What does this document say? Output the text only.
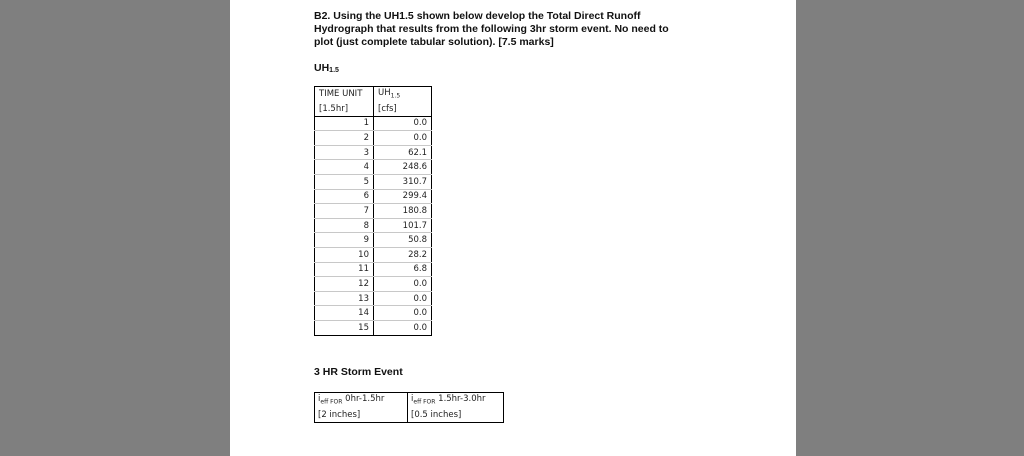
B2. Using the UH1.5 shown below develop the Total Direct Runoff
Hydrograph that results from the following 3hr storm event. No need to
plot (just complete tabular solution). [7.5 marks]
$UH_{1.5}$
TIME UNIT	$UH_{1.5}$
[1.5hr]	[cfs]
1	0.0
2	0.0
3	62.1
4	248.6
5	310.7
6	299.4
7	180.8
8	101.7
9	50.8
10	28.2
11	6.8
12	0.0
13	0.0
14	0.0
15	0.0
3 HR Storm Event
$i_{eff FOR}$ 0hr-1.5hr	$i_{eff FOR}$ 1.5hr-3.0hr
[2 inches]	[0.5 inches]
